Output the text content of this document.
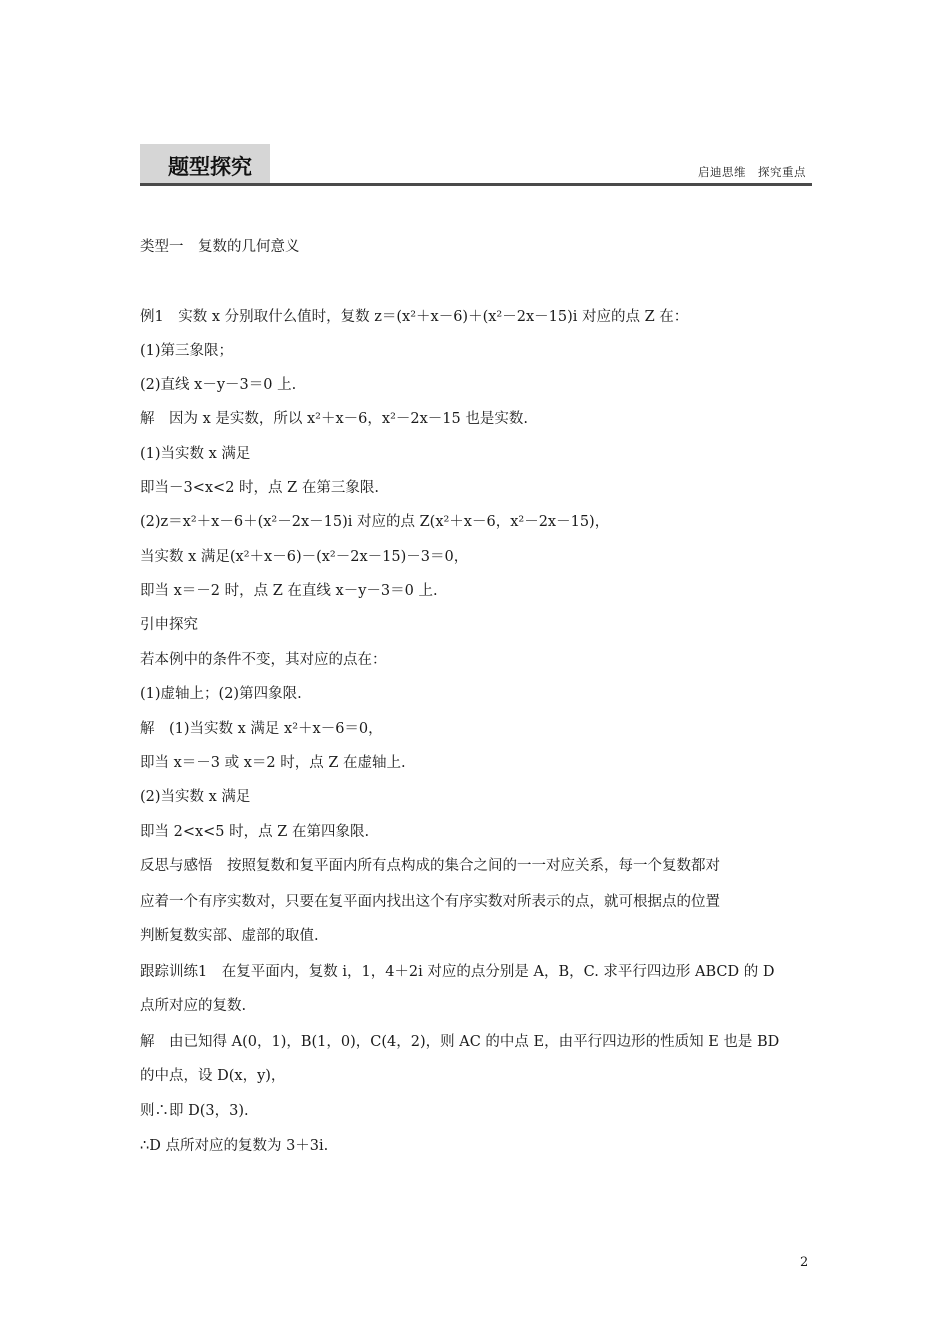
题型探究	启迪思维 探究重点
类型一　复数的几何意义
例1　实数 x 分别取什么值时，复数 z＝(x²＋x－6)＋(x²－2x－15)i 对应的点 Z 在：
(1)第三象限；
(2)直线 x－y－3＝0 上.
解　因为 x 是实数，所以 x²＋x－6，x²－2x－15 也是实数.
(1)当实数 x 满足
即当－3<x<2 时，点 Z 在第三象限.
(2)z＝x²＋x－6＋(x²－2x－15)i 对应的点 Z(x²＋x－6，x²－2x－15)，
当实数 x 满足(x²＋x－6)－(x²－2x－15)－3＝0，
即当 x＝－2 时，点 Z 在直线 x－y－3＝0 上.
引申探究
若本例中的条件不变，其对应的点在：
(1)虚轴上；(2)第四象限.
解　(1)当实数 x 满足 x²＋x－6＝0，
即当 x＝－3 或 x＝2 时，点 Z 在虚轴上.
(2)当实数 x 满足
即当 2<x<5 时，点 Z 在第四象限.
反思与感悟　按照复数和复平面内所有点构成的集合之间的一一对应关系，每一个复数都对
应着一个有序实数对，只要在复平面内找出这个有序实数对所表示的点，就可根据点的位置
判断复数实部、虚部的取值.
跟踪训练1　在复平面内，复数 i，1，4＋2i 对应的点分别是 A，B，C. 求平行四边形 ABCD 的 D
点所对应的复数.
解　由已知得 A(0，1)，B(1，0)，C(4，2)，则 AC 的中点 E，由平行四边形的性质知 E 也是 BD
的中点，设 D(x，y)，
则∴即 D(3，3).
∴D 点所对应的复数为 3＋3i.
2
